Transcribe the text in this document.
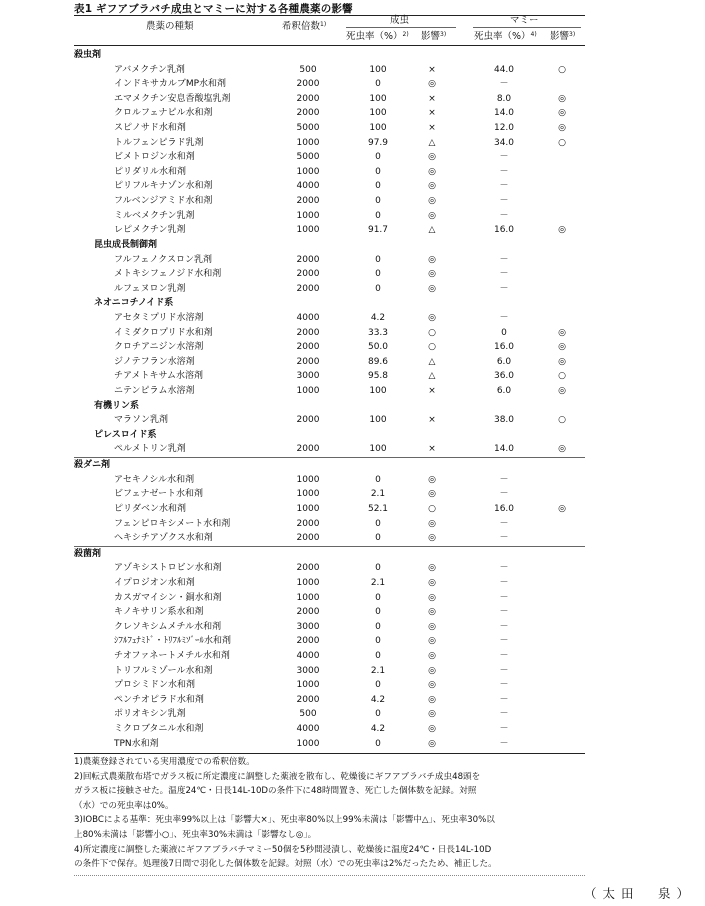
表1 ギフアブラバチ成虫とマミーに対する各種農薬の影響
農薬の種類	希釈倍数$^{1)}$	成虫	マミー
死虫率（%）$^{2)}$ 影響$^{3)}$	死虫率（%）$^{4)}$ 影響$^{3)}$
殺虫剤
アバメクチン乳剤	500	100	×	44.0	○
インドキサカルブMP水和剤	2000	0	◎	－
エマメクチン安息香酸塩乳剤	2000	100	×	8.0	◎
クロルフェナピル水和剤	2000	100	×	14.0	◎
スピノサド水和剤	5000	100	×	12.0	◎
トルフェンピラド乳剤	1000	97.9	△	34.0	○
ビメトロジン水和剤	5000	0	◎	－
ピリダリル水和剤	1000	0	◎	－
ピリフルキナゾン水和剤	4000	0	◎	－
フルベンジアミド水和剤	2000	0	◎	－
ミルベメクチン乳剤	1000	0	◎	－
レピメクチン乳剤	1000	91.7	△	16.0	◎
昆虫成長制御剤
フルフェノクスロン乳剤	2000	0	◎	－
メトキシフェノジド水和剤	2000	0	◎	－
ルフェヌロン乳剤	2000	0	◎	－
ネオニコチノイド系
アセタミプリド水溶剤	4000	4.2	◎	－
イミダクロプリド水和剤	2000	33.3	○	0	◎
クロチアニジン水溶剤	2000	50.0	○	16.0	◎
ジノテフラン水溶剤	2000	89.6	△	6.0	◎
チアメトキサム水溶剤	3000	95.8	△	36.0	○
ニテンピラム水溶剤	1000	100	×	6.0	◎
有機リン系
マラソン乳剤	2000	100	×	38.0	○
ピレスロイド系
ペルメトリン乳剤	2000	100	×	14.0	◎
殺ダニ剤
アセキノシル水和剤	1000	0	◎	－
ビフェナゼート水和剤	1000	2.1	◎	－
ピリダベン水和剤	1000	52.1	○	16.0	◎
フェンピロキシメート水和剤	2000	0	◎	－
ヘキシチアゾクス水和剤	2000	0	◎	－
殺菌剤
アゾキシストロビン水和剤	2000	0	◎	－
イプロジオン水和剤	1000	2.1	◎	－
カスガマイシン・銅水和剤	1000	0	◎	－
キノキサリン系水和剤	2000	0	◎	－
クレソキシムメチル水和剤	3000	0	◎	－
ｼﾌﾙﾌｪﾅﾐﾄﾞ・ﾄﾘﾌﾙﾐｿﾞｰﾙ水和剤	2000	0	◎	－
チオファネートメチル水和剤	4000	0	◎	－
トリフルミゾール水和剤	3000	2.1	◎	－
プロシミドン水和剤	1000	0	◎	－
ペンチオピラド水和剤	2000	4.2	◎	－
ポリオキシン乳剤	500	0	◎	－
ミクロブタニル水和剤	4000	4.2	◎	－
TPN水和剤	1000	0	◎	－
1)農薬登録されている実用濃度での希釈倍数。
2)回転式農薬散布塔でガラス板に所定濃度に調整した薬液を散布し、乾燥後にギフアブラバチ成虫48頭を
ガラス板に接触させた。温度24℃・日長14L-10Dの条件下に48時間置き、死亡した個体数を記録。対照
（水）での死虫率は0%。
3)IOBCによる基準：死虫率99%以上は「影響大×」、死虫率80%以上99%未満は「影響中△」、死虫率30%以
上80%未満は「影響小○」、死虫率30%未満は「影響なし◎」。
4)所定濃度に調整した薬液にギフアブラバチマミー50個を5秒間浸漬し、乾燥後に温度24℃・日長14L-10D
の条件下で保存。処理後7日間で羽化した個体数を記録。対照（水）での死虫率は2%だったため、補正した。
（太田　泉）
